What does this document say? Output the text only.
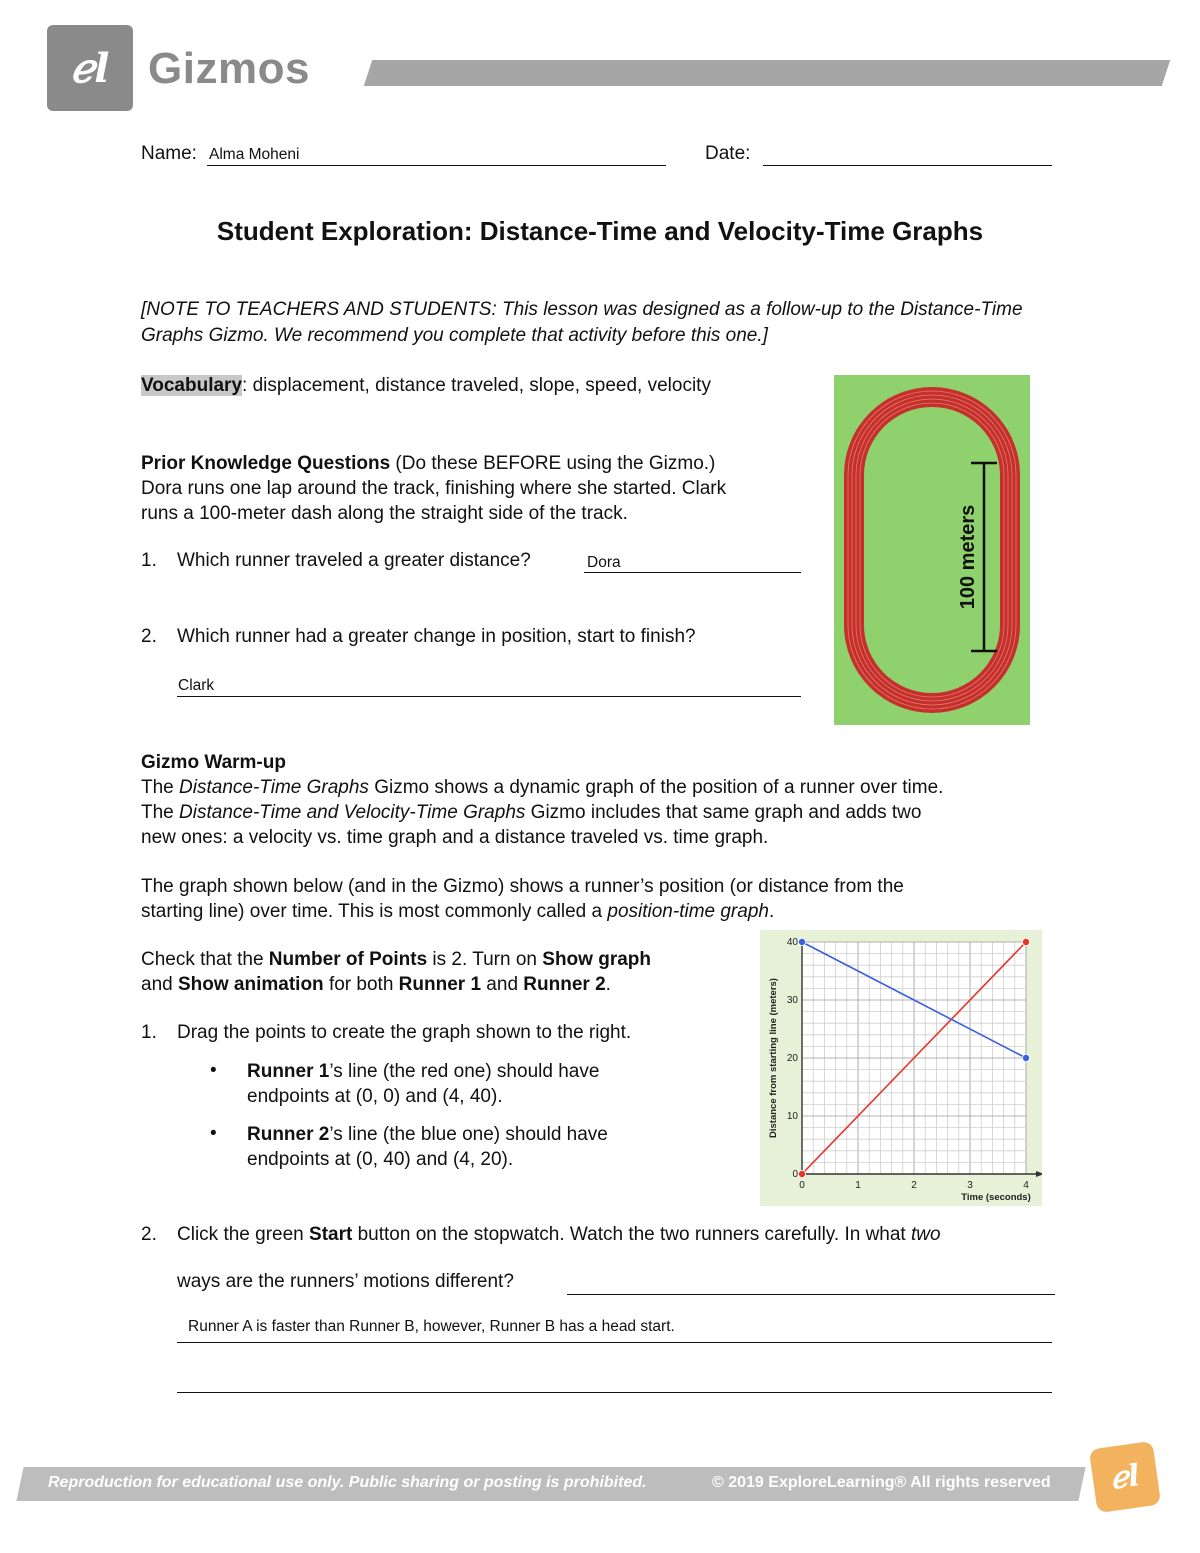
ℯl Gizmos
Name: Alma Moheni	Date:
Student Exploration: Distance-Time and Velocity-Time Graphs
[NOTE TO TEACHERS AND STUDENTS: This lesson was designed as a follow-up to the Distance-Time Graphs Gizmo. We recommend you complete that activity before this one.]
Vocabulary: displacement, distance traveled, slope, speed, velocity
Prior Knowledge Questions (Do these BEFORE using the Gizmo.)
Dora runs one lap around the track, finishing where she started. Clark
runs a 100-meter dash along the straight side of the track.
1. Which runner traveled a greater distance?	Dora
2. Which runner had a greater change in position, start to finish?
Clark
100 meters
Gizmo Warm-up
The Distance-Time Graphs Gizmo shows a dynamic graph of the position of a runner over time.
The Distance-Time and Velocity-Time Graphs Gizmo includes that same graph and adds two
new ones: a velocity vs. time graph and a distance traveled vs. time graph.
The graph shown below (and in the Gizmo) shows a runner’s position (or distance from the
starting line) over time. This is most commonly called a position-time graph.
Check that the Number of Points is 2. Turn on Show graph
and Show animation for both Runner 1 and Runner 2.
1. Drag the points to create the graph shown to the right.
• Runner 1’s line (the red one) should have
endpoints at (0, 0) and (4, 40).
• Runner 2’s line (the blue one) should have
endpoints at (0, 40) and (4, 20).
0	1	2	3	4
0
10
20
30
40
Time (seconds)
Distance from starting line (meters)
2. Click the green Start button on the stopwatch. Watch the two runners carefully. In what two
ways are the runners’ motions different?
Runner A is faster than Runner B, however, Runner B has a head start.
Reproduction for educational use only. Public sharing or posting is prohibited.	© 2019 ExploreLearning® All rights reserved	ℯl
